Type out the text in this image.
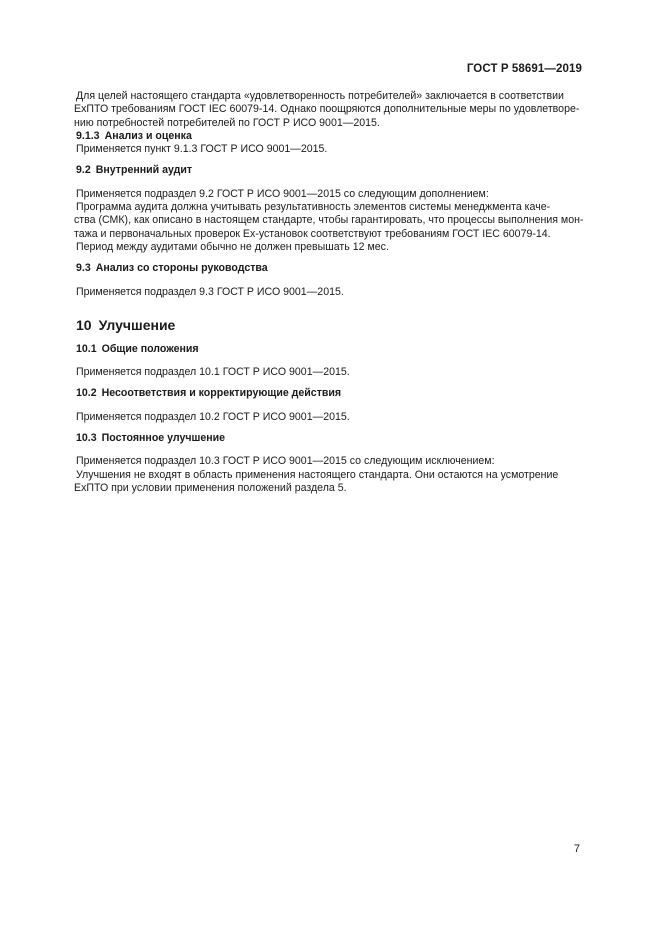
ГОСТ Р 58691—2019
Для целей настоящего стандарта «удовлетворенность потребителей» заключается в соответствии
ExПТО требованиям ГОСТ IEC 60079-14. Однако поощряются дополнительные меры по удовлетворе-
нию потребностей потребителей по ГОСТ Р ИСО 9001—2015.
9.1.3 Анализ и оценка
Применяется пункт 9.1.3 ГОСТ Р ИСО 9001—2015.
9.2 Внутренний аудит
Применяется подраздел 9.2 ГОСТ Р ИСО 9001—2015 со следующим дополнением:
Программа аудита должна учитывать результативность элементов системы менеджмента каче-
ства (СМК), как описано в настоящем стандарте, чтобы гарантировать, что процессы выполнения мон-
тажа и первоначальных проверок Ех-установок соответствуют требованиям ГОСТ IEC 60079-14.
Период между аудитами обычно не должен превышать 12 мес.
9.3 Анализ со стороны руководства
Применяется подраздел 9.3 ГОСТ Р ИСО 9001—2015.
10 Улучшение
10.1 Общие положения
Применяется подраздел 10.1 ГОСТ Р ИСО 9001—2015.
10.2 Несоответствия и корректирующие действия
Применяется подраздел 10.2 ГОСТ Р ИСО 9001—2015.
10.3 Постоянное улучшение
Применяется подраздел 10.3 ГОСТ Р ИСО 9001—2015 со следующим исключением:
Улучшения не входят в область применения настоящего стандарта. Они остаются на усмотрение
ExПТО при условии применения положений раздела 5.
7
